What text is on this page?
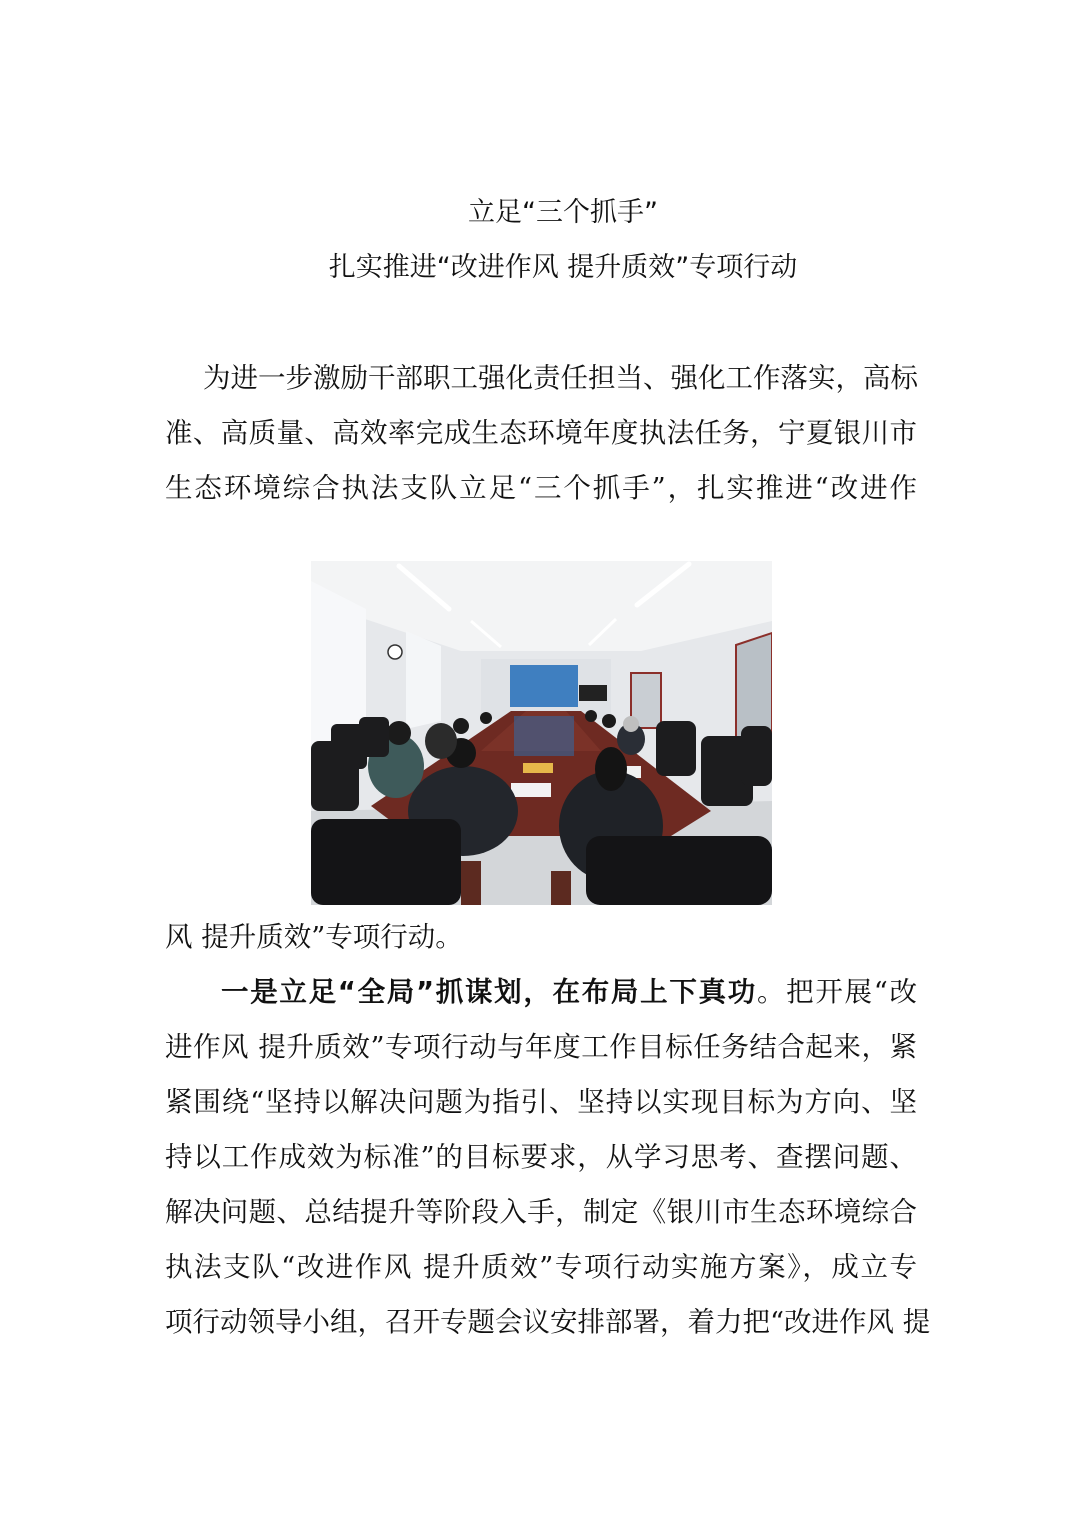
立足“三个抓手”
扎实推进“改进作风 提升质效”专项行动
为进一步激励干部职工强化责任担当、强化工作落实，高标
准、高质量、高效率完成生态环境年度执法任务，宁夏银川市
生态环境综合执法支队立足“三个抓手”，扎实推进“改进作
风 提升质效”专项行动。
一是立足“全局”抓谋划，在布局上下真功。把开展“改
进作风 提升质效”专项行动与年度工作目标任务结合起来，紧
紧围绕“坚持以解决问题为指引、坚持以实现目标为方向、坚
持以工作成效为标准”的目标要求，从学习思考、查摆问题、
解决问题、总结提升等阶段入手，制定《银川市生态环境综合
执法支队“改进作风 提升质效”专项行动实施方案》，成立专
项行动领导小组，召开专题会议安排部署，着力把“改进作风 提
